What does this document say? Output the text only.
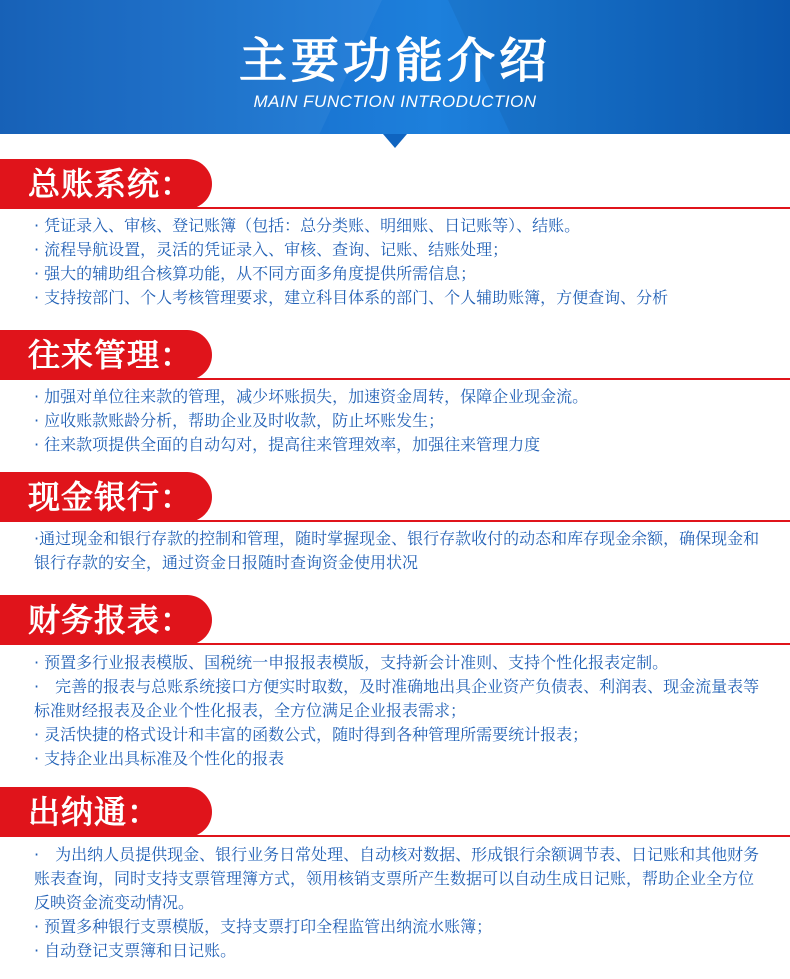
主要功能介绍
MAIN FUNCTION INTRODUCTION
总账系统：

· 凭证录入、审核、登记账簿（包括：总分类账、明细账、日记账等）、结账。

· 流程导航设置，灵活的凭证录入、审核、查询、记账、结账处理；

· 强大的辅助组合核算功能，从不同方面多角度提供所需信息；

· 支持按部门、个人考核管理要求，建立科目体系的部门、个人辅助账簿，方便查询、分析

往来管理：

· 加强对单位往来款的管理，减少坏账损失，加速资金周转，保障企业现金流。

· 应收账款账龄分析，帮助企业及时收款，防止坏账发生；

· 往来款项提供全面的自动勾对，提高往来管理效率，加强往来管理力度

现金银行：

·通过现金和银行存款的控制和管理，随时掌握现金、银行存款收付的动态和库存现金余额，确保现金和银行存款的安全，通过资金日报随时查询资金使用状况

财务报表：

· 预置多行业报表模版、国税统一申报报表模版，支持新会计准则、支持个性化报表定制。

·　完善的报表与总账系统接口方便实时取数，及时准确地出具企业资产负债表、利润表、现金流量表等标准财经报表及企业个性化报表，全方位满足企业报表需求；

· 灵活快捷的格式设计和丰富的函数公式，随时得到各种管理所需要统计报表；

· 支持企业出具标准及个性化的报表

出纳通：

·　为出纳人员提供现金、银行业务日常处理、自动核对数据、形成银行余额调节表、日记账和其他财务账表查询，同时支持支票管理簿方式，领用核销支票所产生数据可以自动生成日记账，帮助企业全方位反映资金流变动情况。

· 预置多种银行支票模版，支持支票打印全程监管出纳流水账簿；

· 自动登记支票簿和日记账。
